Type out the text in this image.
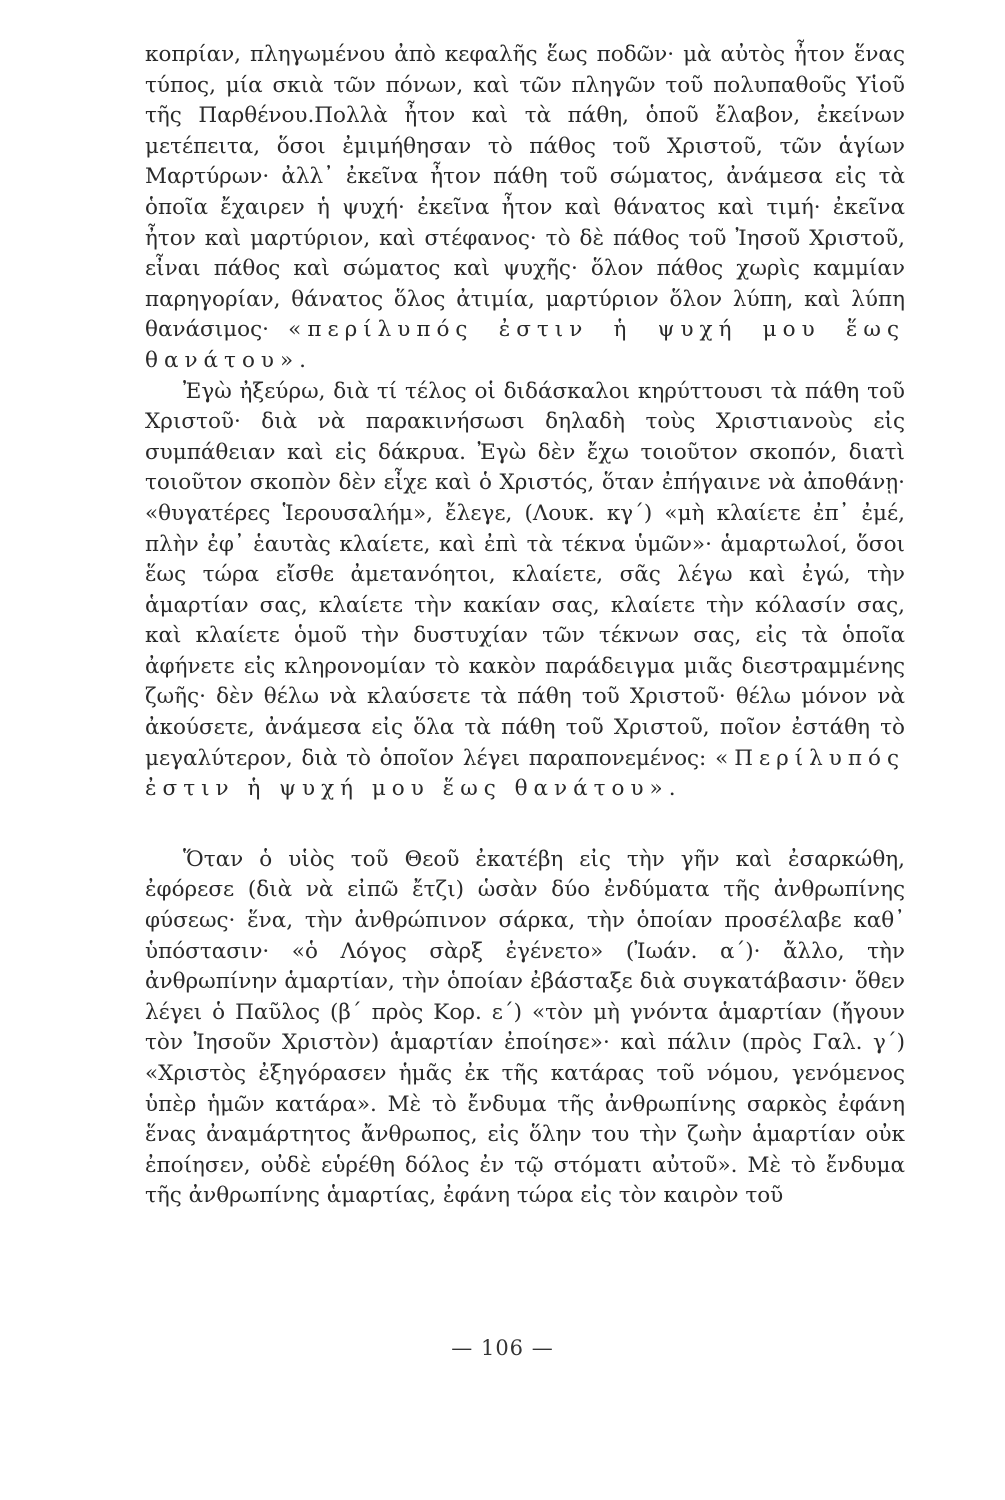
κοπρίαν, πληγωμένου ἀπὸ κεφαλῆς ἕως ποδῶν· μὰ αὐτὸς ἦτον ἕνας τύπος, μία σκιὰ τῶν πόνων, καὶ τῶν πληγῶν τοῦ πολυπαθοῦς Υἱοῦ τῆς Παρθένου.Πολλὰ ἦτον καὶ τὰ πάθη, ὁποῦ ἔλαβον, ἐκείνων μετέπειτα, ὅσοι ἐμιμήθησαν τὸ πάθος τοῦ Χριστοῦ, τῶν ἁγίων Μαρτύρων· ἀλλ᾽ ἐκεῖνα ἦτον πάθη τοῦ σώματος, ἀνάμεσα εἰς τὰ ὁποῖα ἔχαιρεν ἡ ψυχή· ἐκεῖνα ἦτον καὶ θάνατος καὶ τιμή· ἐκεῖνα ἦτον καὶ μαρτύριον, καὶ στέφανος· τὸ δὲ πάθος τοῦ Ἰησοῦ Χριστοῦ, εἶναι πάθος καὶ σώματος καὶ ψυχῆς· ὅλον πάθος χωρὶς καμμίαν παρηγορίαν, θάνατος ὅλος ἀτιμία, μαρτύριον ὅλον λύπη, καὶ λύπη θανάσιμος· «περίλυπός ἐστιν ἡ ψυχή μου ἕως θανάτου».

Ἐγὼ ἠξεύρω, διὰ τί τέλος οἱ διδάσκαλοι κηρύττουσι τὰ πάθη τοῦ Χριστοῦ· διὰ νὰ παρακινήσωσι δηλαδὴ τοὺς Χριστιανοὺς εἰς συμπάθειαν καὶ εἰς δάκρυα. Ἐγὼ δὲν ἔχω τοιοῦτον σκοπόν, διατὶ τοιοῦτον σκοπὸν δὲν εἶχε καὶ ὁ Χριστός, ὅταν ἐπήγαινε νὰ ἀποθάνῃ· «θυγατέρες Ἱερουσαλήμ», ἔλεγε, (Λουκ. κγ΄) «μὴ κλαίετε ἐπ᾽ ἐμέ, πλὴν ἐφ᾽ ἑαυτὰς κλαίετε, καὶ ἐπὶ τὰ τέκνα ὑμῶν»· ἁμαρτωλοί, ὅσοι ἕως τώρα εἴσθε ἀμετανόητοι, κλαίετε, σᾶς λέγω καὶ ἐγώ, τὴν ἁμαρτίαν σας, κλαίετε τὴν κακίαν σας, κλαίετε τὴν κόλασίν σας, καὶ κλαίετε ὁμοῦ τὴν δυστυχίαν τῶν τέκνων σας, εἰς τὰ ὁποῖα ἀφήνετε εἰς κληρονομίαν τὸ κακὸν παράδειγμα μιᾶς διεστραμμένης ζωῆς· δὲν θέλω νὰ κλαύσετε τὰ πάθη τοῦ Χριστοῦ· θέλω μόνον νὰ ἀκούσετε, ἀνάμεσα εἰς ὅλα τὰ πάθη τοῦ Χριστοῦ, ποῖον ἐστάθη τὸ μεγαλύτερον, διὰ τὸ ὁποῖον λέγει παραπονεμένος: «Περίλυπός ἐστιν ἡ ψυχή μου ἕως θανάτου».

Ὅταν ὁ υἱὸς τοῦ Θεοῦ ἐκατέβη εἰς τὴν γῆν καὶ ἐσαρκώθη, ἐφόρεσε (διὰ νὰ εἰπῶ ἔτζι) ὡσὰν δύο ἐνδύματα τῆς ἀνθρωπίνης φύσεως· ἕνα, τὴν ἀνθρώπινον σάρκα, τὴν ὁποίαν προσέλαβε καθ᾽ ὑπόστασιν· «ὁ Λόγος σὰρξ ἐγένετο» (Ἰωάν. α΄)· ἄλλο, τὴν ἀνθρωπίνην ἁμαρτίαν, τὴν ὁποίαν ἐβάσταξε διὰ συγκατάβασιν· ὅθεν λέγει ὁ Παῦλος (β΄ πρὸς Κορ. ε΄) «τὸν μὴ γνόντα ἁμαρτίαν (ἤγουν τὸν Ἰησοῦν Χριστὸν) ἁμαρτίαν ἐποίησε»· καὶ πάλιν (πρὸς Γαλ. γ΄) «Χριστὸς ἐξηγόρασεν ἡμᾶς ἐκ τῆς κατάρας τοῦ νόμου, γενόμενος ὑπὲρ ἡμῶν κατάρα». Μὲ τὸ ἔνδυμα τῆς ἀνθρωπίνης σαρκὸς ἐφάνη ἕνας ἀναμάρτητος ἄνθρωπος, εἰς ὅλην του τὴν ζωὴν ἁμαρτίαν οὐκ ἐποίησεν, οὐδὲ εὑρέθη δόλος ἐν τῷ στόματι αὐτοῦ». Μὲ τὸ ἔνδυμα τῆς ἀνθρωπίνης ἁμαρτίας, ἐφάνη τώρα εἰς τὸν καιρὸν τοῦ

— 106 —
